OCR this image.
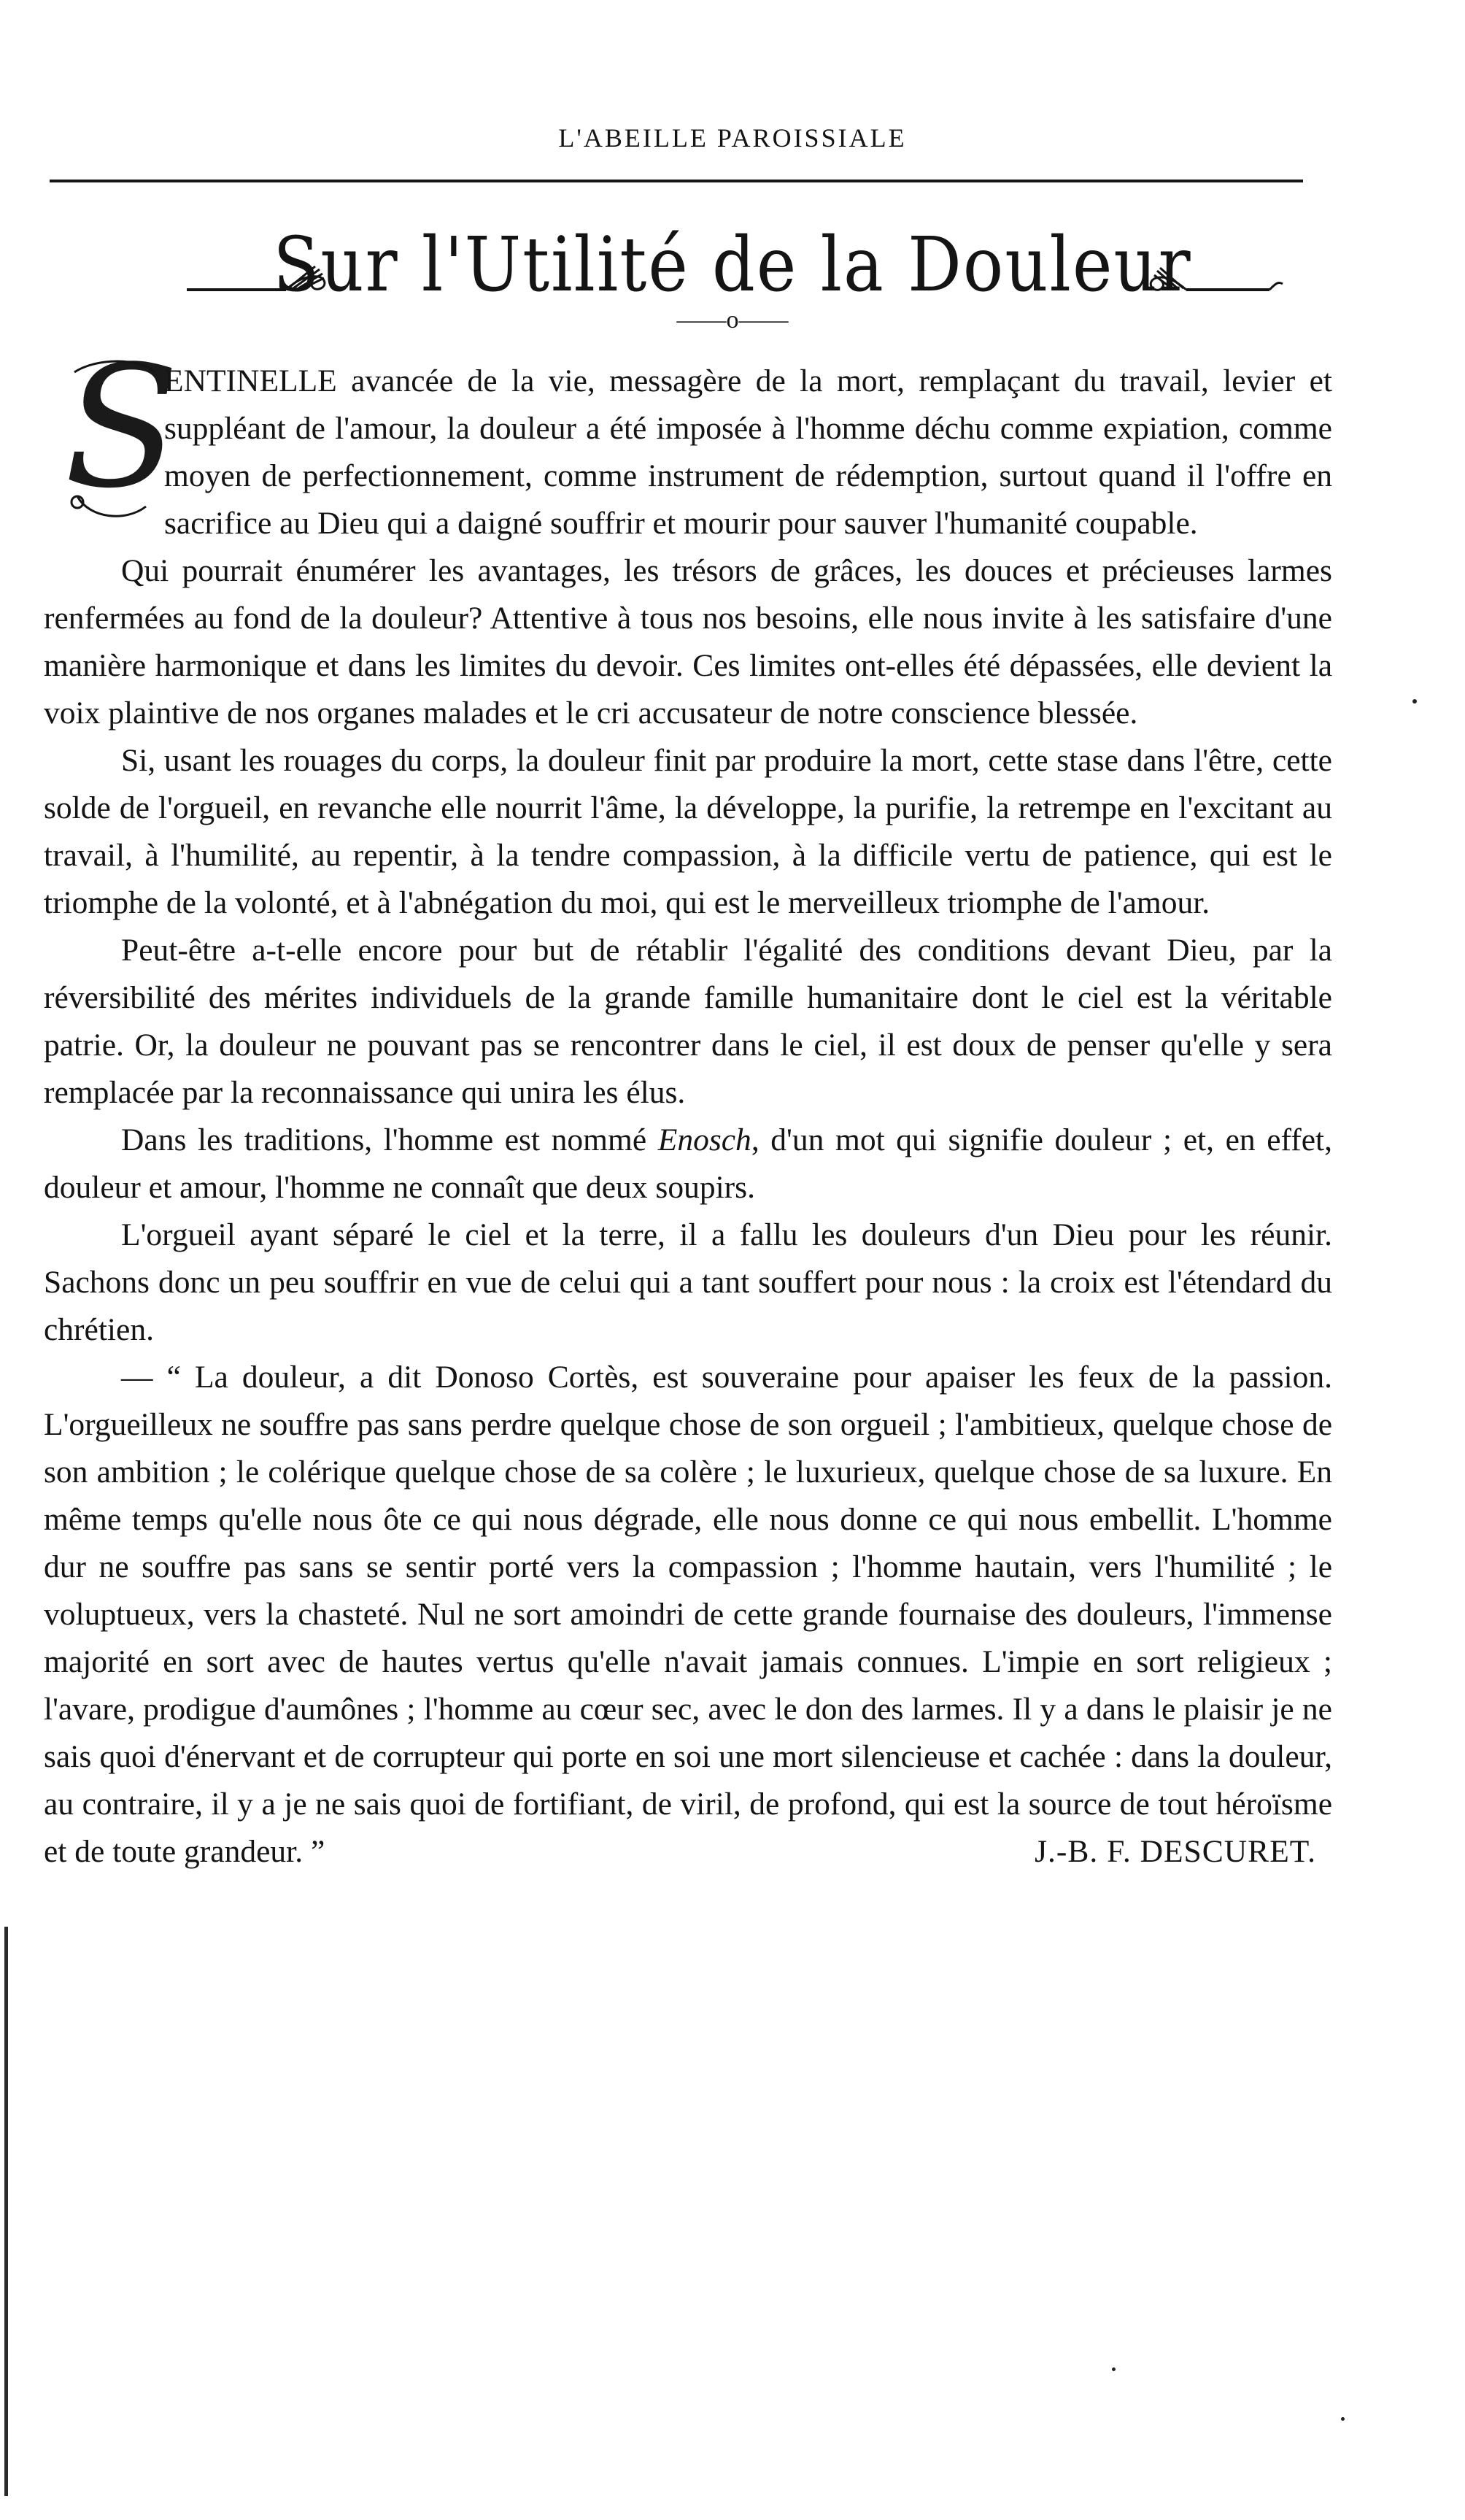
L'ABEILLE PAROISSIALE
Sur l'Utilité de la Douleur
——o——
S

ENTINELLE avancée de la vie, messagère de la mort, remplaçant du travail, levier et suppléant de l'amour, la douleur a été imposée à l'homme déchu comme expiation, comme moyen de perfectionnement, comme instrument de rédemption, surtout quand il l'offre en sacrifice au Dieu qui a daigné souffrir et mourir pour sauver l'humanité coupable.

Qui pourrait énumérer les avantages, les trésors de grâces, les douces et précieuses larmes renfermées au fond de la douleur? Attentive à tous nos besoins, elle nous invite à les satisfaire d'une manière harmonique et dans les limites du devoir. Ces limites ont-elles été dépassées, elle devient la voix plaintive de nos organes malades et le cri accusateur de notre conscience blessée.

Si, usant les rouages du corps, la douleur finit par produire la mort, cette stase dans l'être, cette solde de l'orgueil, en revanche elle nourrit l'âme, la développe, la purifie, la retrempe en l'excitant au travail, à l'humilité, au repentir, à la tendre compassion, à la difficile vertu de patience, qui est le triomphe de la volonté, et à l'abnégation du moi, qui est le merveilleux triomphe de l'amour.

Peut-être a-t-elle encore pour but de rétablir l'égalité des conditions devant Dieu, par la réversibilité des mérites individuels de la grande famille humanitaire dont le ciel est la véritable patrie. Or, la douleur ne pouvant pas se rencontrer dans le ciel, il est doux de penser qu'elle y sera remplacée par la reconnaissance qui unira les élus.

Dans les traditions, l'homme est nommé Enosch, d'un mot qui signifie douleur ; et, en effet, douleur et amour, l'homme ne connaît que deux soupirs.

L'orgueil ayant séparé le ciel et la terre, il a fallu les douleurs d'un Dieu pour les réunir. Sachons donc un peu souffrir en vue de celui qui a tant souffert pour nous : la croix est l'étendard du chrétien.

— “ La douleur, a dit Donoso Cortès, est souveraine pour apaiser les feux de la passion. L'orgueilleux ne souffre pas sans perdre quelque chose de son orgueil ; l'ambitieux, quelque chose de son ambition ; le colérique quelque chose de sa colère ; le luxurieux, quelque chose de sa luxure. En même temps qu'elle nous ôte ce qui nous dégrade, elle nous donne ce qui nous embellit. L'homme dur ne souffre pas sans se sentir porté vers la compassion ; l'homme hautain, vers l'humilité ; le voluptueux, vers la chasteté. Nul ne sort amoindri de cette grande fournaise des douleurs, l'immense majorité en sort avec de hautes vertus qu'elle n'avait jamais connues. L'impie en sort religieux ; l'avare, prodigue d'aumônes ; l'homme au cœur sec, avec le don des larmes. Il y a dans le plaisir je ne sais quoi d'énervant et de corrupteur qui porte en soi une mort silencieuse et cachée : dans la douleur, au contraire, il y a je ne sais quoi de fortifiant, de viril, de profond, qui est la source de tout héroïsme et de toute grandeur. ”	J.-B. F. DESCURET.
